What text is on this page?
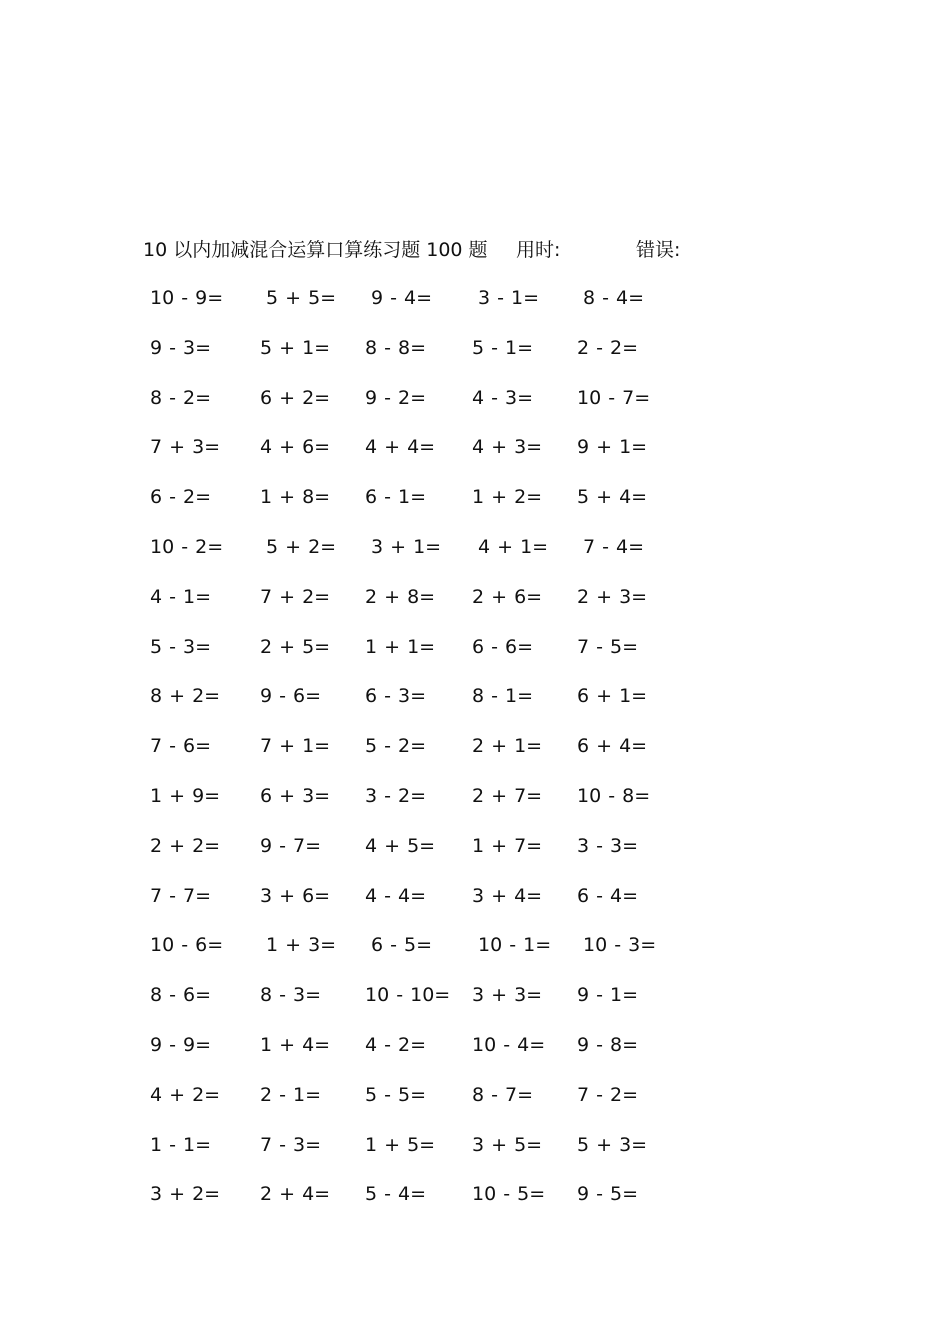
10 以内加减混合运算口算练习题 100 题 用时:	错误:
10 - 9= 5 + 5= 9 - 4= 3 - 1= 8 - 4=
9 - 3=	5 + 1= 8 - 8= 5 - 1= 2 - 2=
8 - 2=	6 + 2= 9 - 2= 4 - 3= 10 - 7=
7 + 3= 4 + 6= 4 + 4= 4 + 3= 9 + 1=
6 - 2=	1 + 8= 6 - 1= 1 + 2= 5 + 4=
10 - 2= 5 + 2= 3 + 1= 4 + 1= 7 - 4=
4 - 1=	7 + 2= 2 + 8= 2 + 6= 2 + 3=
5 - 3=	2 + 5= 1 + 1= 6 - 6= 7 - 5=
8 + 2= 9 - 6= 6 - 3= 8 - 1= 6 + 1=
7 - 6=	7 + 1= 5 - 2= 2 + 1= 6 + 4=
1 + 9= 6 + 3= 3 - 2= 2 + 7= 10 - 8=
2 + 2= 9 - 7= 4 + 5= 1 + 7= 3 - 3=
7 - 7=	3 + 6= 4 - 4= 3 + 4= 6 - 4=
10 - 6= 1 + 3= 6 - 5= 10 - 1= 10 - 3=
8 - 6=	8 - 3= 10 - 10= 3 + 3= 9 - 1=
9 - 9=	1 + 4= 4 - 2= 10 - 4= 9 - 8=
4 + 2= 2 - 1= 5 - 5= 8 - 7= 7 - 2=
1 - 1=	7 - 3= 1 + 5= 3 + 5= 5 + 3=
3 + 2= 2 + 4= 5 - 4= 10 - 5= 9 - 5=
